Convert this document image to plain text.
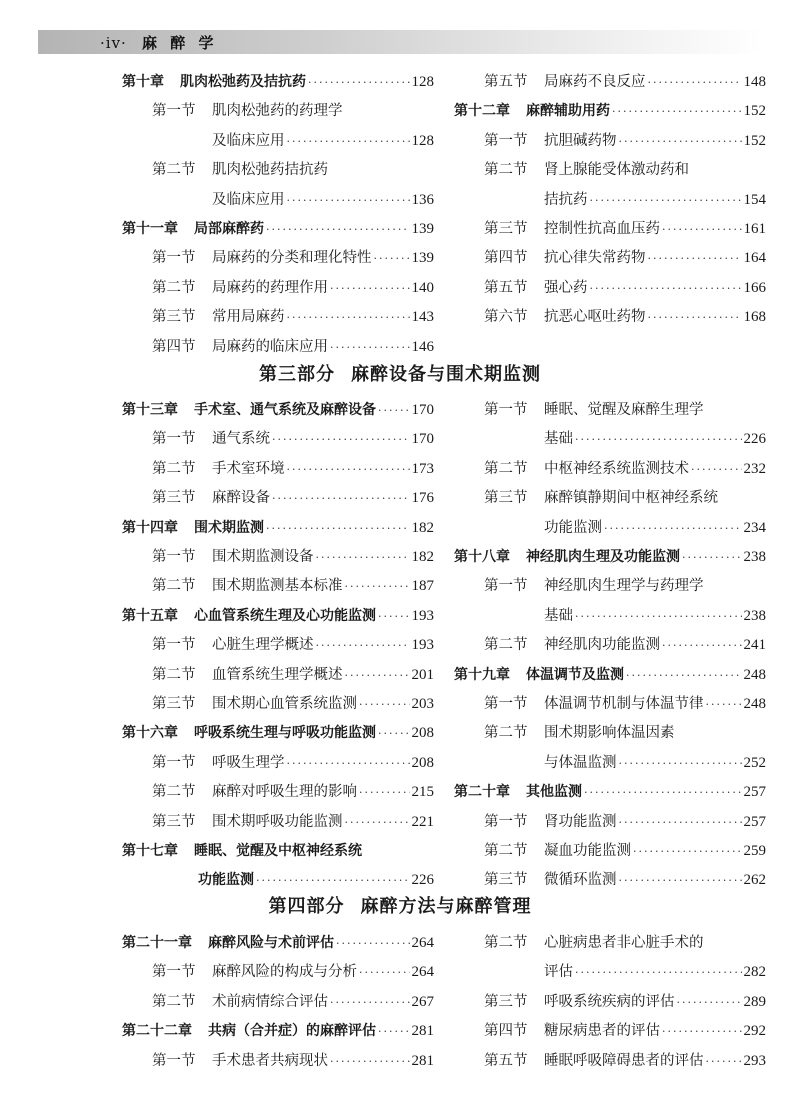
·iv· 麻 醉 学
第十章 肌肉松弛药及拮抗药 ·····	128
第一节 肌肉松弛药的药理学
及临床应用 ·····	128
第二节 肌肉松弛药拮抗药
及临床应用 ·····	136
第十一章 局部麻醉药 ·····	139
第一节 局麻药的分类和理化特性 ·····	139
第二节 局麻药的药理作用 ·····	140
第三节 常用局麻药 ·····	143
第四节 局麻药的临床应用 ·····	146
第五节 局麻药不良反应 ·····	148
第十二章 麻醉辅助用药 ·····	152
第一节 抗胆碱药物 ·····	152
第二节 肾上腺能受体激动药和
拮抗药 ·····	154
第三节 控制性抗高血压药 ·····	161
第四节 抗心律失常药物 ·····	164
第五节 强心药 ·····	166
第六节 抗恶心呕吐药物 ·····	168
第三部分 麻醉设备与围术期监测
第十三章 手术室、通气系统及麻醉设备 ····· 170
第一节 通气系统 ·····	170
第二节 手术室环境 ·····	173
第三节 麻醉设备 ·····	176
第十四章 围术期监测 ·····	182
第一节 围术期监测设备 ·····	182
第二节 围术期监测基本标准 ·····	187
第十五章 心血管系统生理及心功能监测 ····· 193
第一节 心脏生理学概述 ·····	193
第二节 血管系统生理学概述 ·····	201
第三节 围术期心血管系统监测 ·····	203
第十六章 呼吸系统生理与呼吸功能监测 ····· 208
第一节 呼吸生理学 ·····	208
第二节 麻醉对呼吸生理的影响 ·····	215
第三节 围术期呼吸功能监测 ·····	221
第十七章 睡眠、觉醒及中枢神经系统
功能监测 ·····	226
第一节 睡眠、觉醒及麻醉生理学
基础 ·····	226
第二节 中枢神经系统监测技术 ·····	232
第三节 麻醉镇静期间中枢神经系统
功能监测 ·····	234
第十八章 神经肌肉生理及功能监测 ·····	238
第一节 神经肌肉生理学与药理学
基础 ·····	238
第二节 神经肌肉功能监测 ·····	241
第十九章 体温调节及监测 ·····	248
第一节 体温调节机制与体温节律 ·····	248
第二节 围术期影响体温因素
与体温监测 ·····	252
第二十章 其他监测 ·····	257
第一节 肾功能监测 ·····	257
第二节 凝血功能监测 ·····	259
第三节 微循环监测 ·····	262
第四部分 麻醉方法与麻醉管理
第二十一章 麻醉风险与术前评估 ·····	264
第一节 麻醉风险的构成与分析 ·····	264
第二节 术前病情综合评估 ·····	267
第二十二章 共病（合并症）的麻醉评估 ····· 281
第一节 手术患者共病现状 ·····	281
第二节 心脏病患者非心脏手术的
评估 ·····	282
第三节 呼吸系统疾病的评估 ·····	289
第四节 糖尿病患者的评估 ·····	292
第五节 睡眠呼吸障碍患者的评估 ·····	293
